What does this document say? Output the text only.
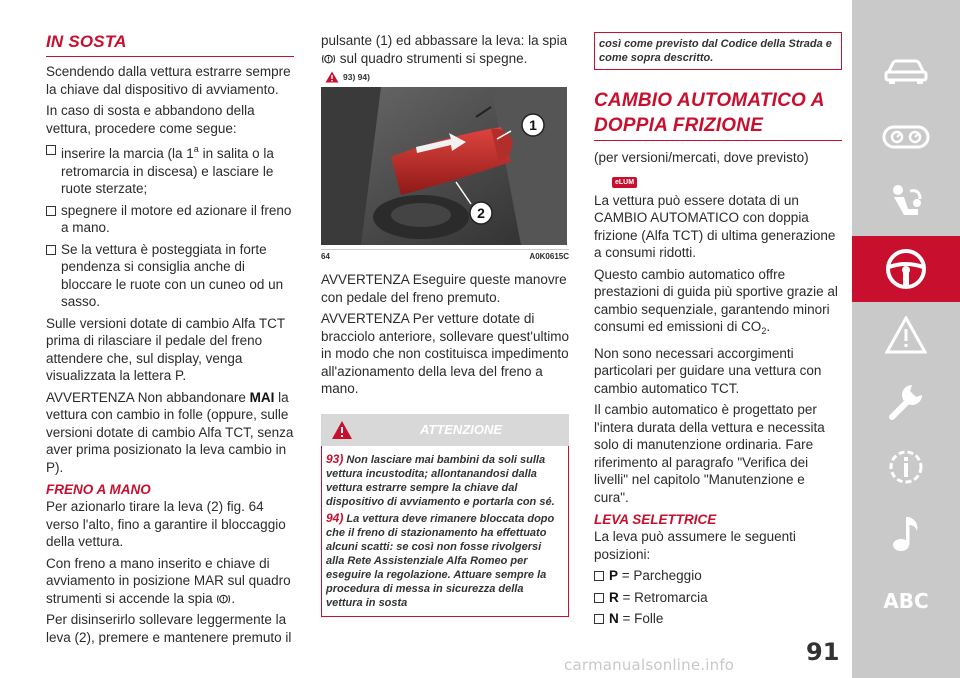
IN SOSTA

Scendendo dalla vettura estrarre sempre la chiave dal dispositivo di avviamento.

In caso di sosta e abbandono della vettura, procedere come segue:

inserire la marcia (la 1$^a$ in salita o la retromarcia in discesa) e lasciare le ruote sterzate;

spegnere il motore ed azionare il freno a mano.

Se la vettura è posteggiata in forte pendenza si consiglia anche di bloccare le ruote con un cuneo od un sasso.

Sulle versioni dotate di cambio Alfa TCT prima di rilasciare il pedale del freno attendere che, sul display, venga visualizzata la lettera P.

AVVERTENZA Non abbandonare MAI la vettura con cambio in folle (oppure, sulle versioni dotate di cambio Alfa TCT, senza aver prima posizionato la leva cambio in P).

FRENO A MANO

Per azionarlo tirare la leva (2) fig. 64 verso l'alto, fino a garantire il bloccaggio della vettura.

Con freno a mano inserito e chiave di avviamento in posizione MAR sul quadro strumenti si accende la spia .

Per disinserirlo sollevare leggermente la leva (2), premere e mantenere premuto il

pulsante (1) ed abbassare la leva: la spia
sul quadro strumenti si spegne.

93) 94)
1
2
64	A0K0615C

AVVERTENZA Eseguire queste manovre con pedale del freno premuto.

AVVERTENZA Per vetture dotate di bracciolo anteriore, sollevare quest'ultimo in modo che non costituisca impedimento all'azionamento della leva del freno a mano.

ATTENZIONE

93) Non lasciare mai bambini da soli sulla vettura incustodita; allontanandosi dalla vettura estrarre sempre la chiave dal dispositivo di avviamento e portarla con sé.

94) La vettura deve rimanere bloccata dopo che il freno di stazionamento ha effettuato alcuni scatti: se così non fosse rivolgersi alla Rete Assistenziale Alfa Romeo per eseguire la regolazione. Attuare sempre la procedura di messa in sicurezza della vettura in sosta

così come previsto dal Codice della Strada e come sopra descritto.

CAMBIO AUTOMATICO A
DOPPIA FRIZIONE

(per versioni/mercati, dove previsto)

eLUM

La vettura può essere dotata di un CAMBIO AUTOMATICO con doppia frizione (Alfa TCT) di ultima generazione a consumi ridotti.

Questo cambio automatico offre prestazioni di guida più sportive grazie al cambio sequenziale, garantendo minori consumi ed emissioni di $CO_2$.

Non sono necessari accorgimenti particolari per guidare una vettura con cambio automatico TCT.

Il cambio automatico è progettato per l'intera durata della vettura e necessita solo di manutenzione ordinaria. Fare riferimento al paragrafo "Verifica dei livelli" nel capitolo "Manutenzione e cura".

LEVA SELETTRICE

La leva può assumere le seguenti posizioni:

P = Parcheggio

R = Retromarcia

N = Folle

91
carmanualsonline.info
ABC
